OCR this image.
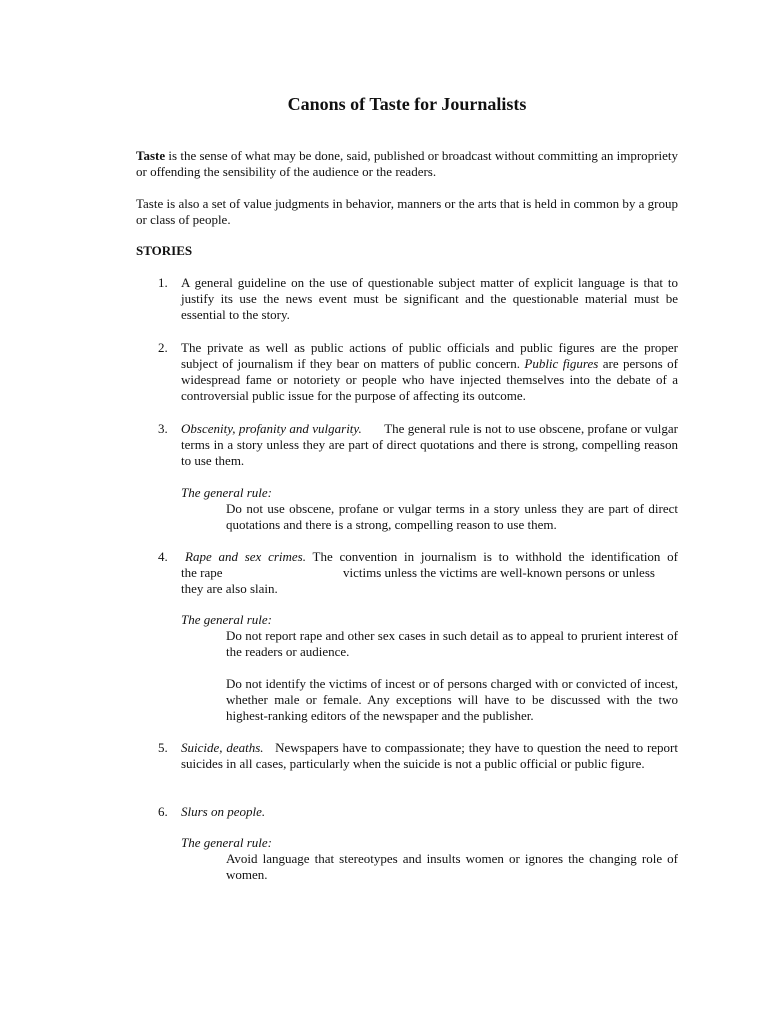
Canons of Taste for Journalists
Taste is the sense of what may be done, said, published or broadcast without committing an impropriety or offending the sensibility of the audience or the readers.
Taste is also a set of value judgments in behavior, manners or the arts that is held in common by a group or class of people.
STORIES
1. A general guideline on the use of questionable subject matter of explicit language is that to justify its use the news event must be significant and the questionable material must be essential to the story.
2. The private as well as public actions of public officials and public figures are the proper subject of journalism if they bear on matters of public concern. Public figures are persons of widespread fame or notoriety or people who have injected themselves into the debate of a controversial public issue for the purpose of affecting its outcome.
3. Obscenity, profanity and vulgarity. The general rule is not to use obscene, profane or vulgar terms in a story unless they are part of direct quotations and there is strong, compelling reason to use them.
The general rule:
Do not use obscene, profane or vulgar terms in a story unless they are part of direct quotations and there is a strong, compelling reason to use them.
4.	Rape and sex crimes. The convention in journalism is to withhold the identification of
the rape	victims unless the victims are well-known persons or unless
they are also slain.
The general rule:
Do not report rape and other sex cases in such detail as to appeal to prurient interest of the readers or audience.
Do not identify the victims of incest or of persons charged with or convicted of incest, whether male or female. Any exceptions will have to be discussed with the two highest-ranking editors of the newspaper and the publisher.
5. Suicide, deaths. Newspapers have to compassionate; they have to question the need to report suicides in all cases, particularly when the suicide is not a public official or public figure.
6. Slurs on people.
The general rule:
Avoid language that stereotypes and insults women or ignores the changing role of women.
